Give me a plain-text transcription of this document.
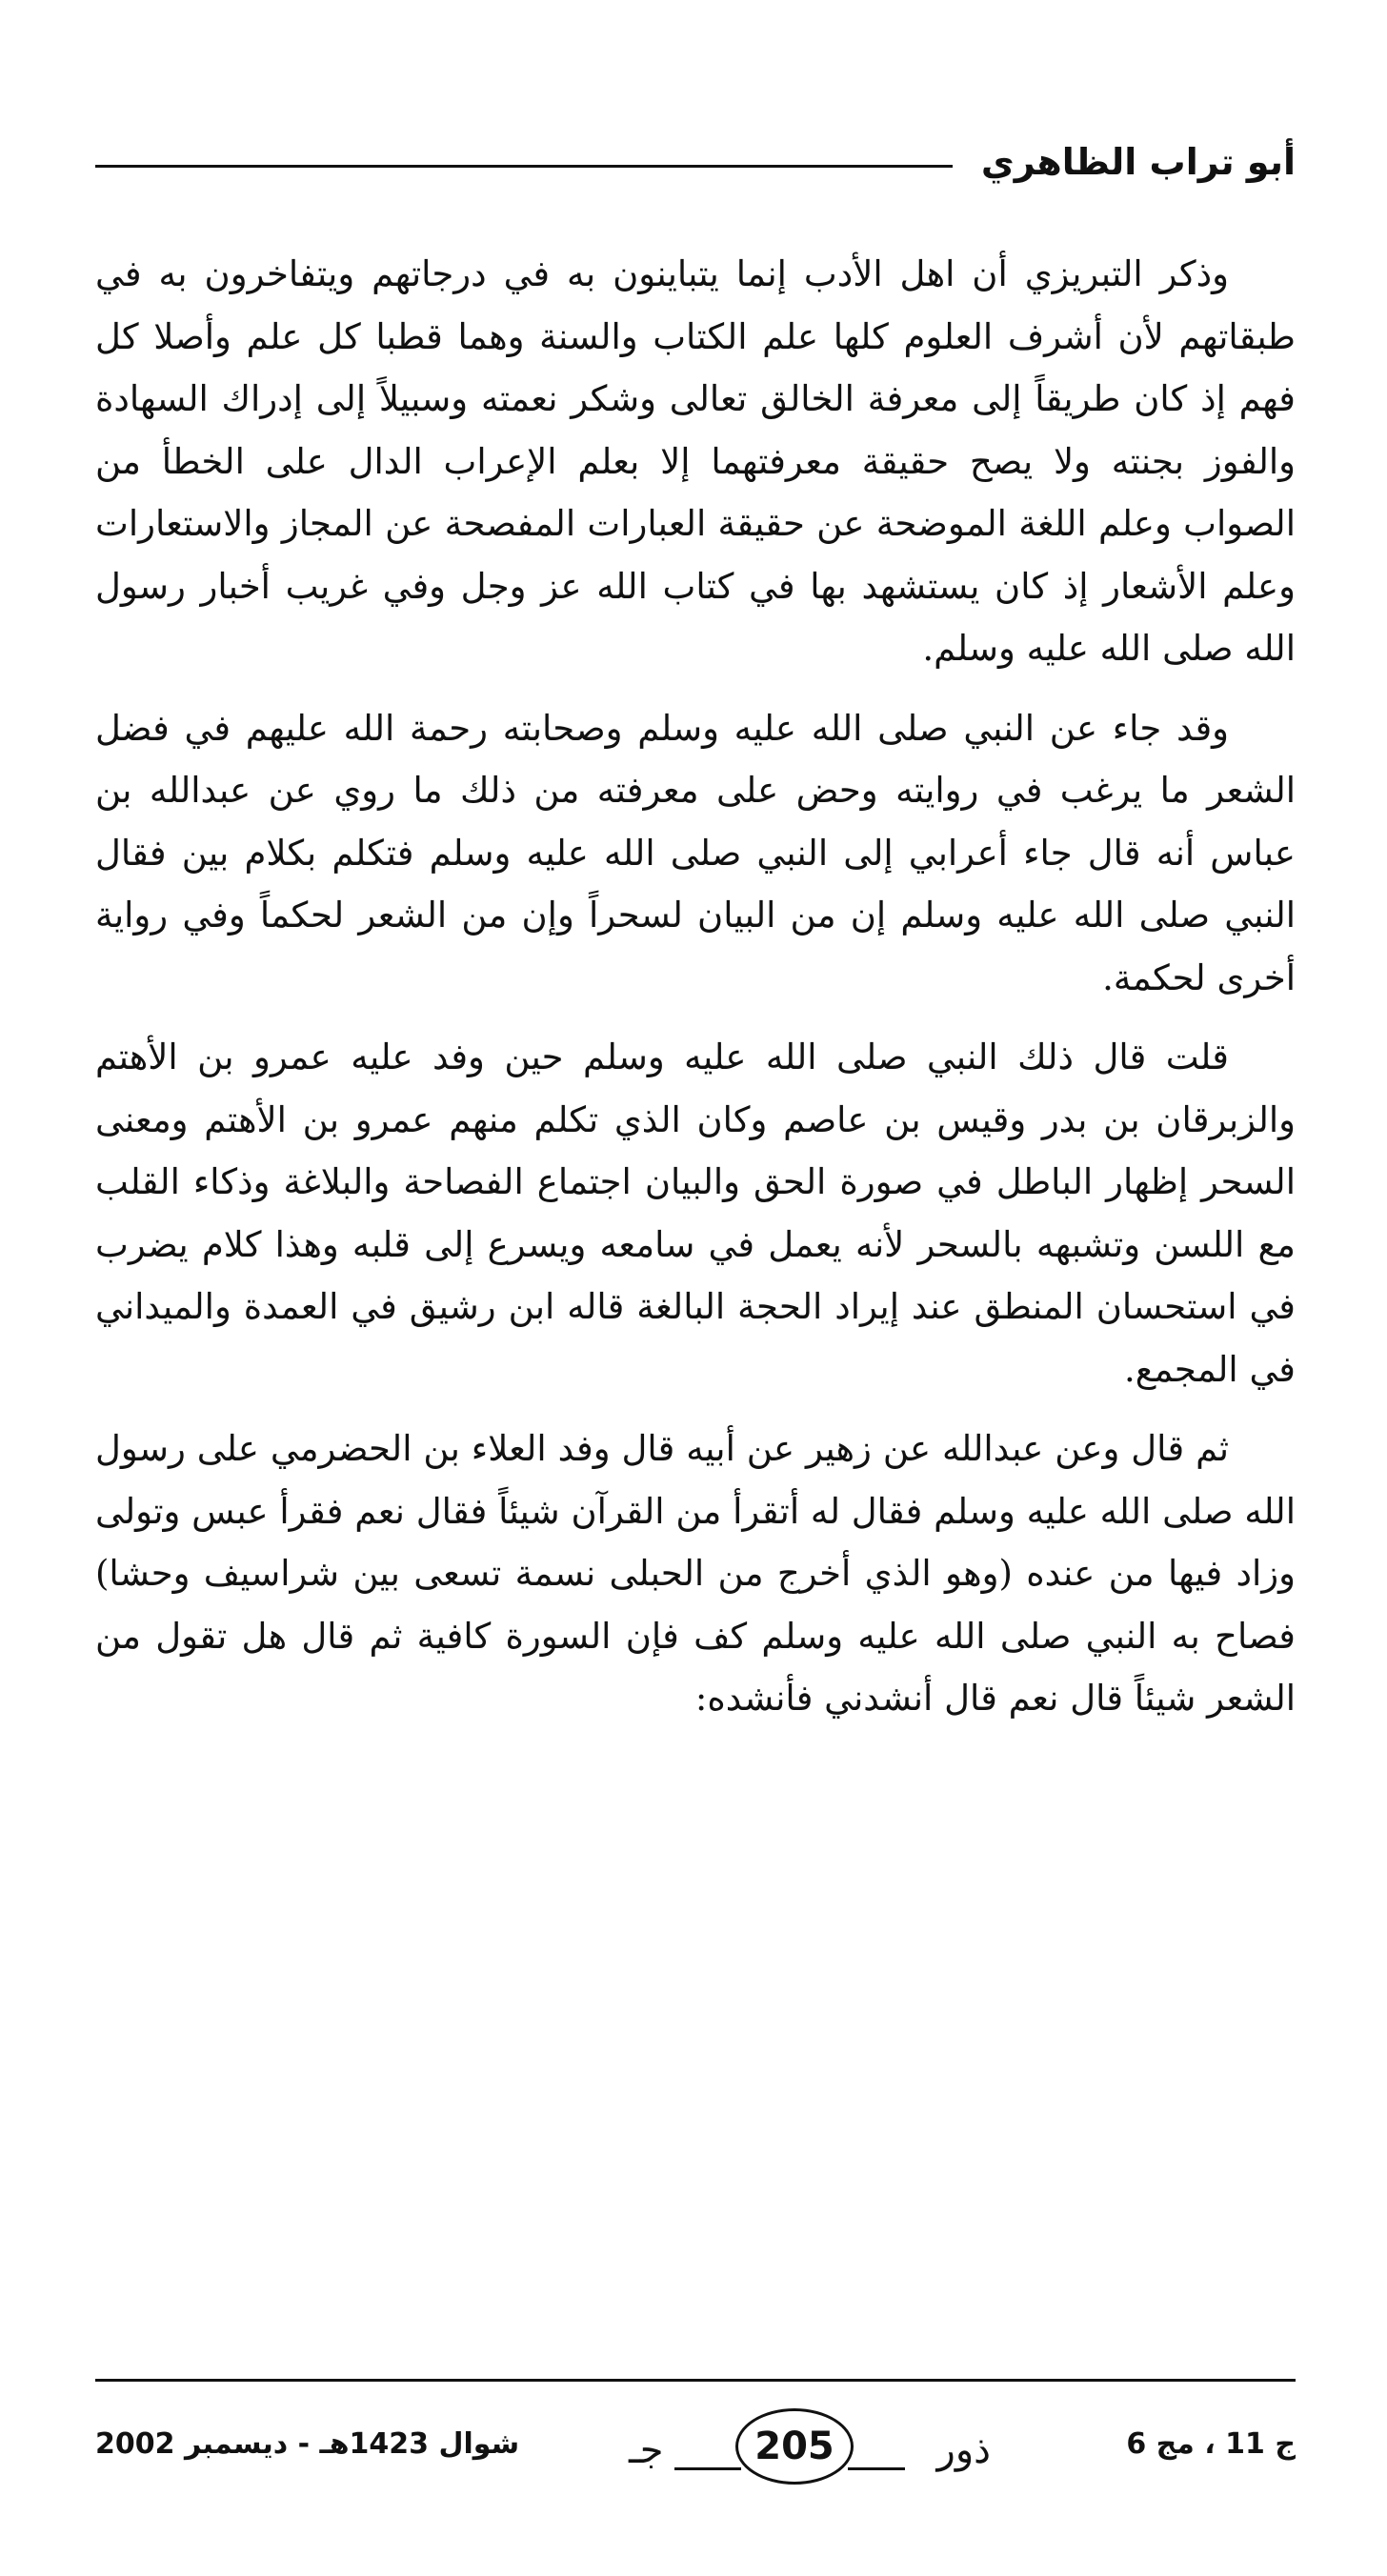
أبو تراب الظاهري

وذكر التبريزي أن اهل الأدب إنما يتباينون به في درجاتهم ويتفاخرون به في طبقاتهم لأن أشرف العلوم كلها علم الكتاب والسنة وهما قطبا كل علم وأصلا كل فهم إذ كان طريقاً إلى معرفة الخالق تعالى وشكر نعمته وسبيلاً إلى إدراك السهادة والفوز بجنته ولا يصح حقيقة معرفتهما إلا بعلم الإعراب الدال على الخطأ من الصواب وعلم اللغة الموضحة عن حقيقة العبارات المفصحة عن المجاز والاستعارات وعلم الأشعار إذ كان يستشهد بها في كتاب الله عز وجل وفي غريب أخبار رسول الله صلى الله عليه وسلم.

وقد جاء عن النبي صلى الله عليه وسلم وصحابته رحمة الله عليهم في فضل الشعر ما يرغب في روايته وحض على معرفته من ذلك ما روي عن عبدالله بن عباس أنه قال جاء أعرابي إلى النبي صلى الله عليه وسلم فتكلم بكلام بين فقال النبي صلى الله عليه وسلم إن من البيان لسحراً وإن من الشعر لحكماً وفي رواية أخرى لحكمة.

قلت قال ذلك النبي صلى الله عليه وسلم حين وفد عليه عمرو بن الأهتم والزبرقان بن بدر وقيس بن عاصم وكان الذي تكلم منهم عمرو بن الأهتم ومعنى السحر إظهار الباطل في صورة الحق والبيان اجتماع الفصاحة والبلاغة وذكاء القلب مع اللسن وتشبهه بالسحر لأنه يعمل في سامعه ويسرع إلى قلبه وهذا كلام يضرب في استحسان المنطق عند إيراد الحجة البالغة قاله ابن رشيق في العمدة والميداني في المجمع.

ثم قال وعن عبدالله عن زهير عن أبيه قال وفد العلاء بن الحضرمي على رسول الله صلى الله عليه وسلم فقال له أتقرأ من القرآن شيئاً فقال نعم فقرأ عبس وتولى وزاد فيها من عنده (وهو الذي أخرج من الحبلى نسمة تسعى بين شراسيف وحشا) فصاح به النبي صلى الله عليه وسلم كف فإن السورة كافية ثم قال هل تقول من الشعر شيئاً قال نعم قال أنشدني فأنشده:

شوال 1423هـ - ديسمبر 2002	جـ	ذور
205	ج 11 ، مج 6
